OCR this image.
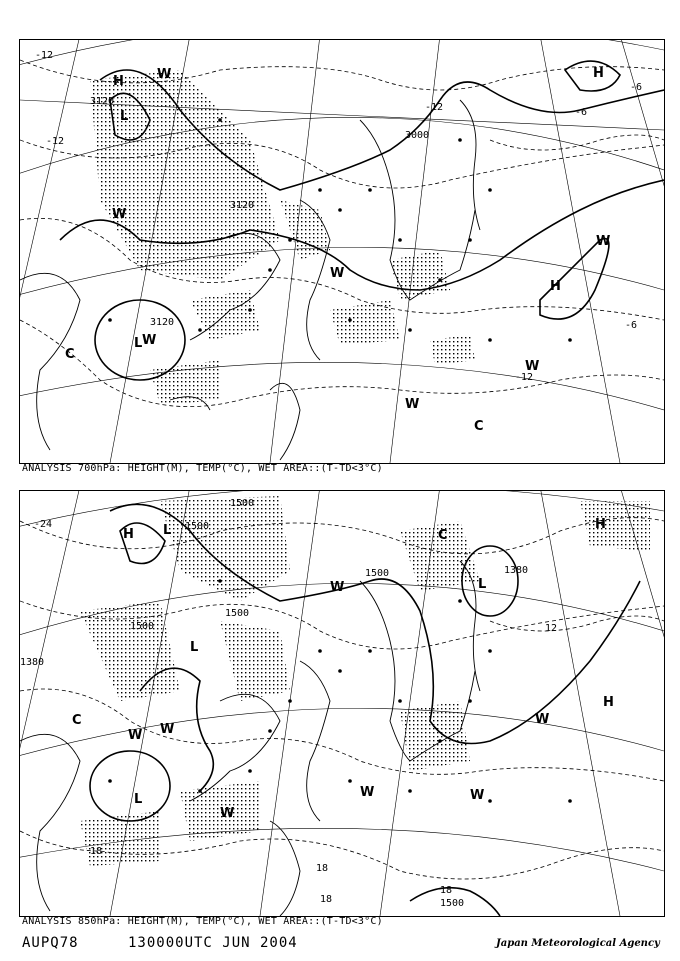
3120
3120
3000
3120
-12
-12
-12
-6
-12
-6
-6
H	W
L
W
L W
H
W
W
C
W
C
W
H
ANALYSIS 700hPa: HEIGHT(M), TEMP(°C), WET AREA::(T-TD<3°C)
1500
1500
1500
1500
1500
1380
1380
1500
-24
18
18
18
18
12
H L
W W
L
W
W
H
H
W	L
W
W
C
C
L
ANALYSIS 850hPa: HEIGHT(M), TEMP(°C), WET AREA::(T-TD<3°C)
AUPQ78	130000UTC JUN 2004	Japan Meteorological Agency
